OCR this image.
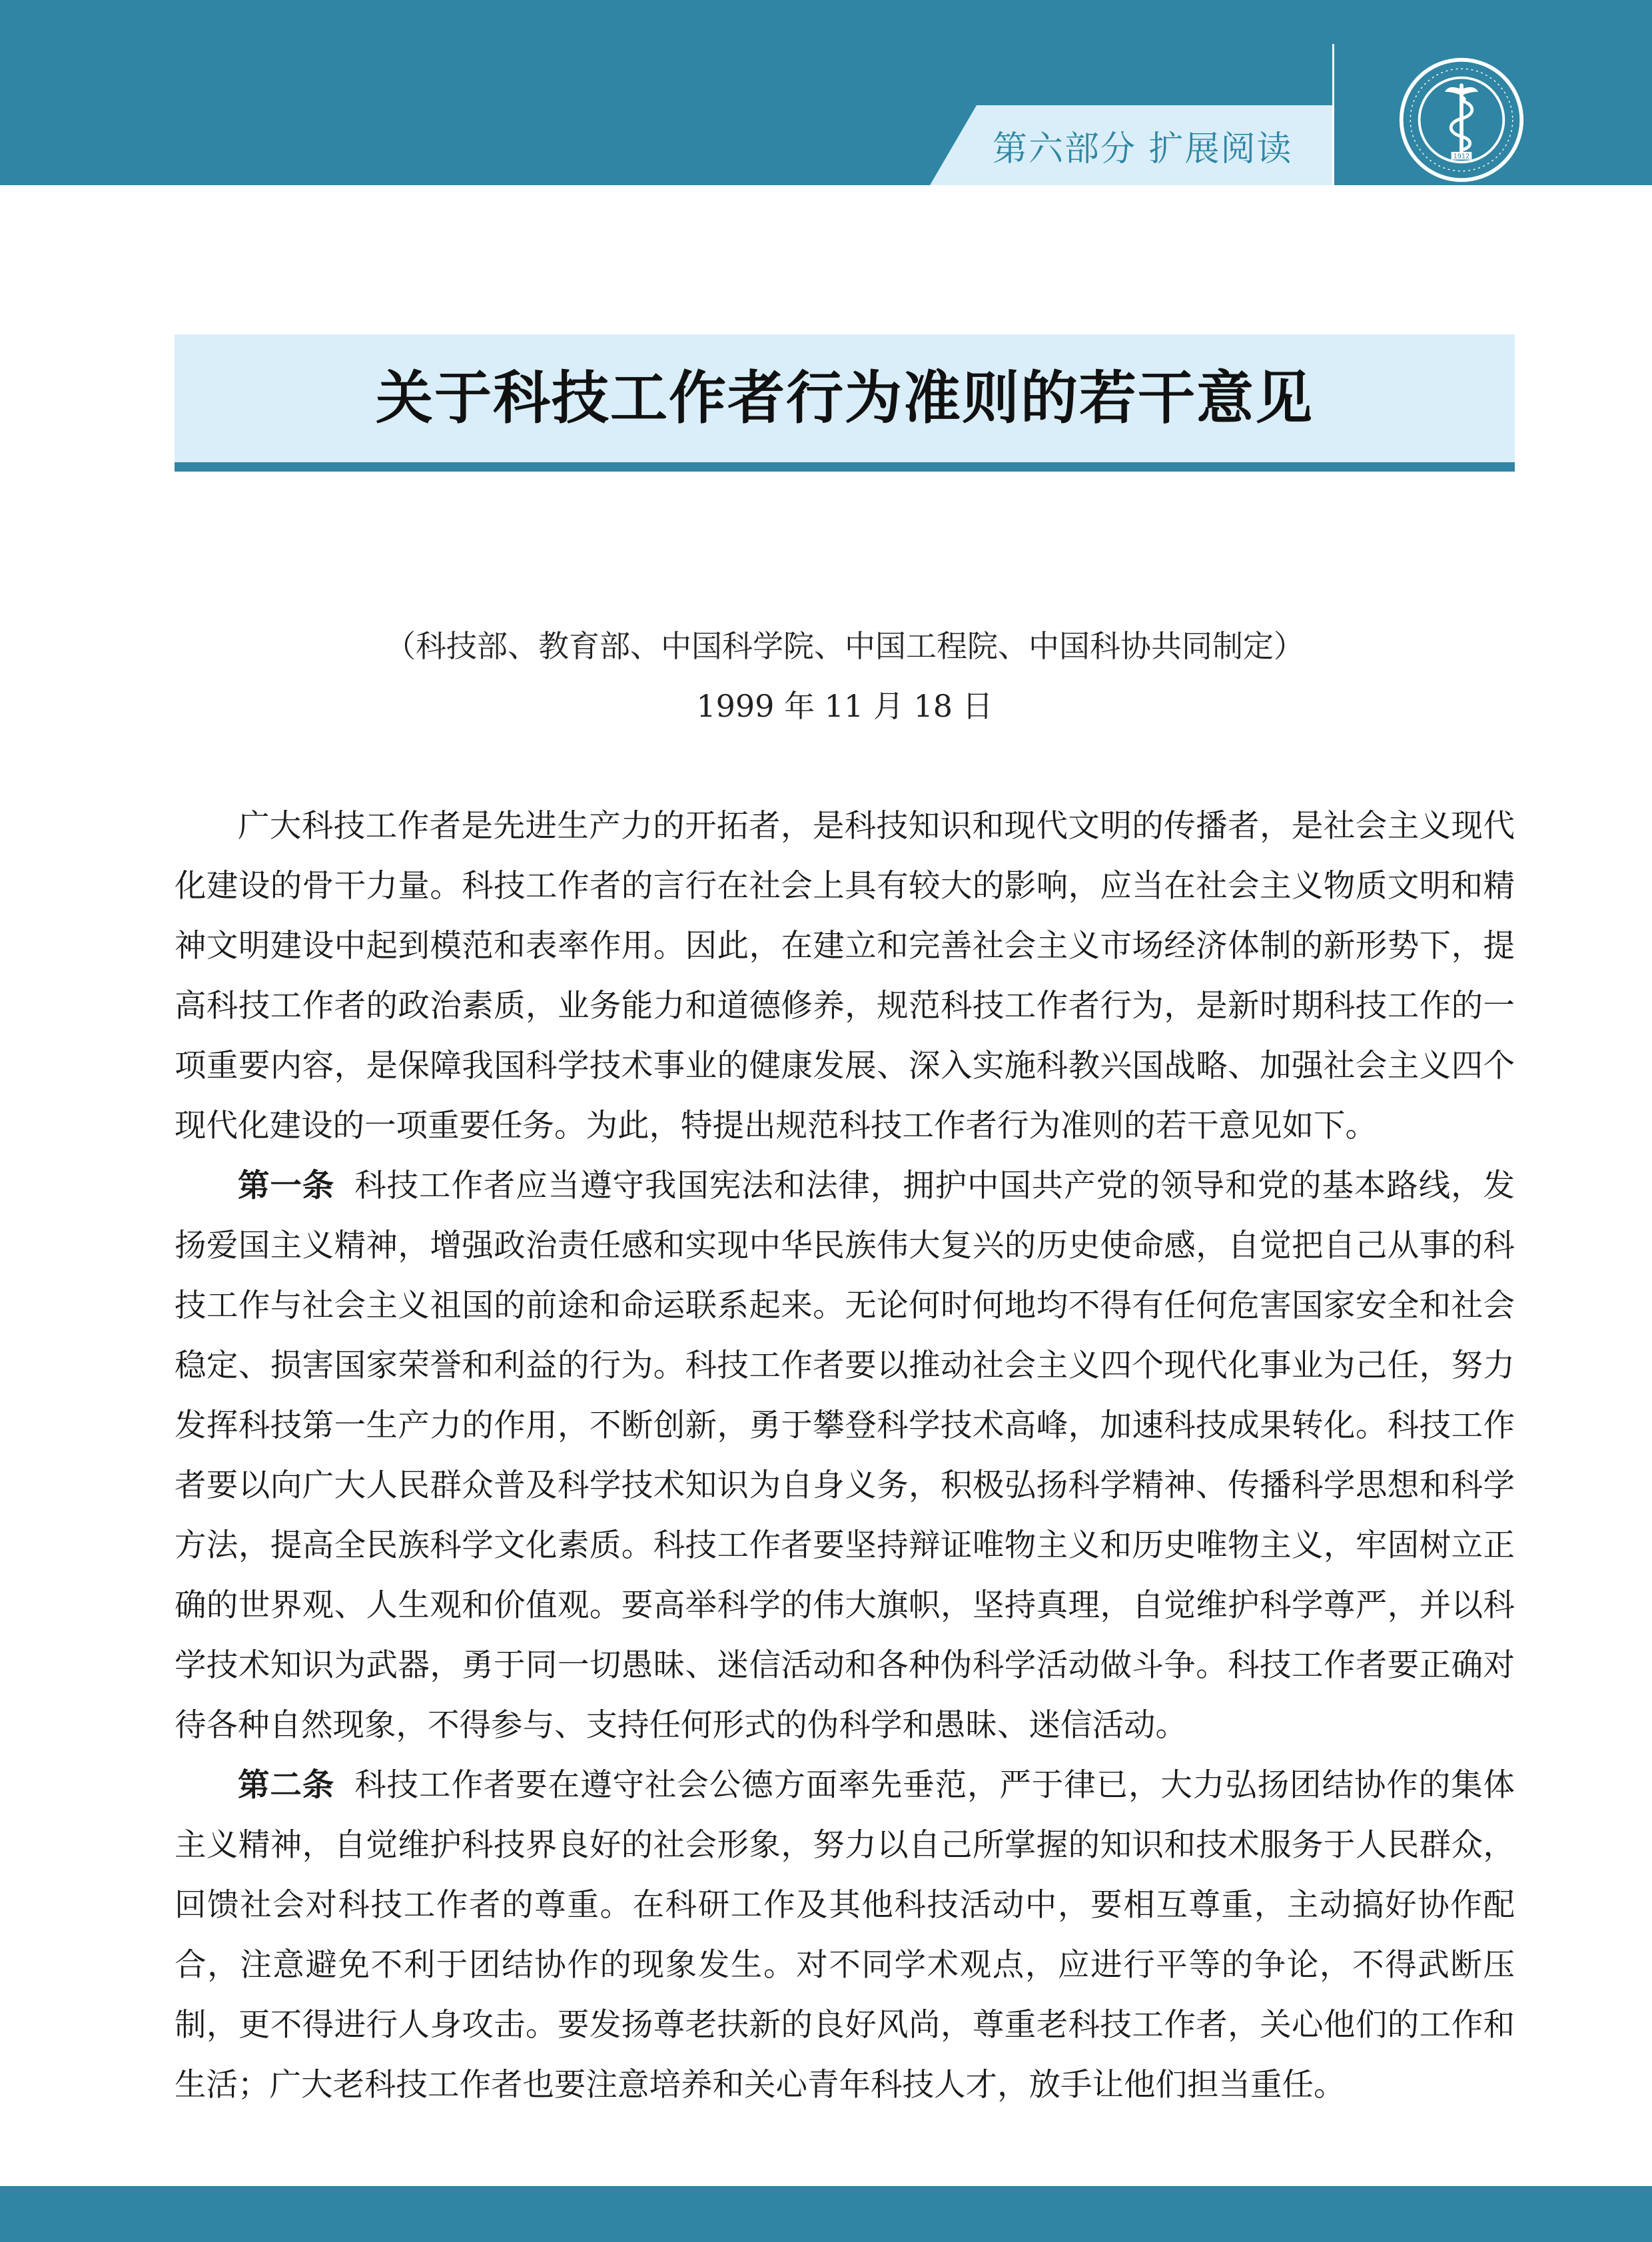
第六部分 扩展阅读	1912
关于科技工作者行为准则的若干意见
（科技部、教育部、中国科学院、中国工程院、中国科协共同制定）
1999 年 11 月 18 日

广大科技工作者是先进生产力的开拓者，是科技知识和现代文明的传播者，是社会主义现代化建设的骨干力量。科技工作者的言行在社会上具有较大的影响，应当在社会主义物质文明和精神文明建设中起到模范和表率作用。因此，在建立和完善社会主义市场经济体制的新形势下，提高科技工作者的政治素质，业务能力和道德修养，规范科技工作者行为，是新时期科技工作的一项重要内容，是保障我国科学技术事业的健康发展、深入实施科教兴国战略、加强社会主义四个现代化建设的一项重要任务。为此，特提出规范科技工作者行为准则的若干意见如下。

第一条 科技工作者应当遵守我国宪法和法律，拥护中国共产党的领导和党的基本路线，发扬爱国主义精神，增强政治责任感和实现中华民族伟大复兴的历史使命感，自觉把自己从事的科技工作与社会主义祖国的前途和命运联系起来。无论何时何地均不得有任何危害国家安全和社会稳定、损害国家荣誉和利益的行为。科技工作者要以推动社会主义四个现代化事业为己任，努力发挥科技第一生产力的作用，不断创新，勇于攀登科学技术高峰，加速科技成果转化。科技工作者要以向广大人民群众普及科学技术知识为自身义务，积极弘扬科学精神、传播科学思想和科学方法，提高全民族科学文化素质。科技工作者要坚持辩证唯物主义和历史唯物主义，牢固树立正确的世界观、人生观和价值观。要高举科学的伟大旗帜，坚持真理，自觉维护科学尊严，并以科学技术知识为武器，勇于同一切愚昧、迷信活动和各种伪科学活动做斗争。科技工作者要正确对待各种自然现象，不得参与、支持任何形式的伪科学和愚昧、迷信活动。

第二条 科技工作者要在遵守社会公德方面率先垂范，严于律已，大力弘扬团结协作的集体主义精神，自觉维护科技界良好的社会形象，努力以自己所掌握的知识和技术服务于人民群众，回馈社会对科技工作者的尊重。在科研工作及其他科技活动中，要相互尊重，主动搞好协作配合，注意避免不利于团结协作的现象发生。对不同学术观点，应进行平等的争论，不得武断压制，更不得进行人身攻击。要发扬尊老扶新的良好风尚，尊重老科技工作者，关心他们的工作和生活；广大老科技工作者也要注意培养和关心青年科技人才，放手让他们担当重任。
